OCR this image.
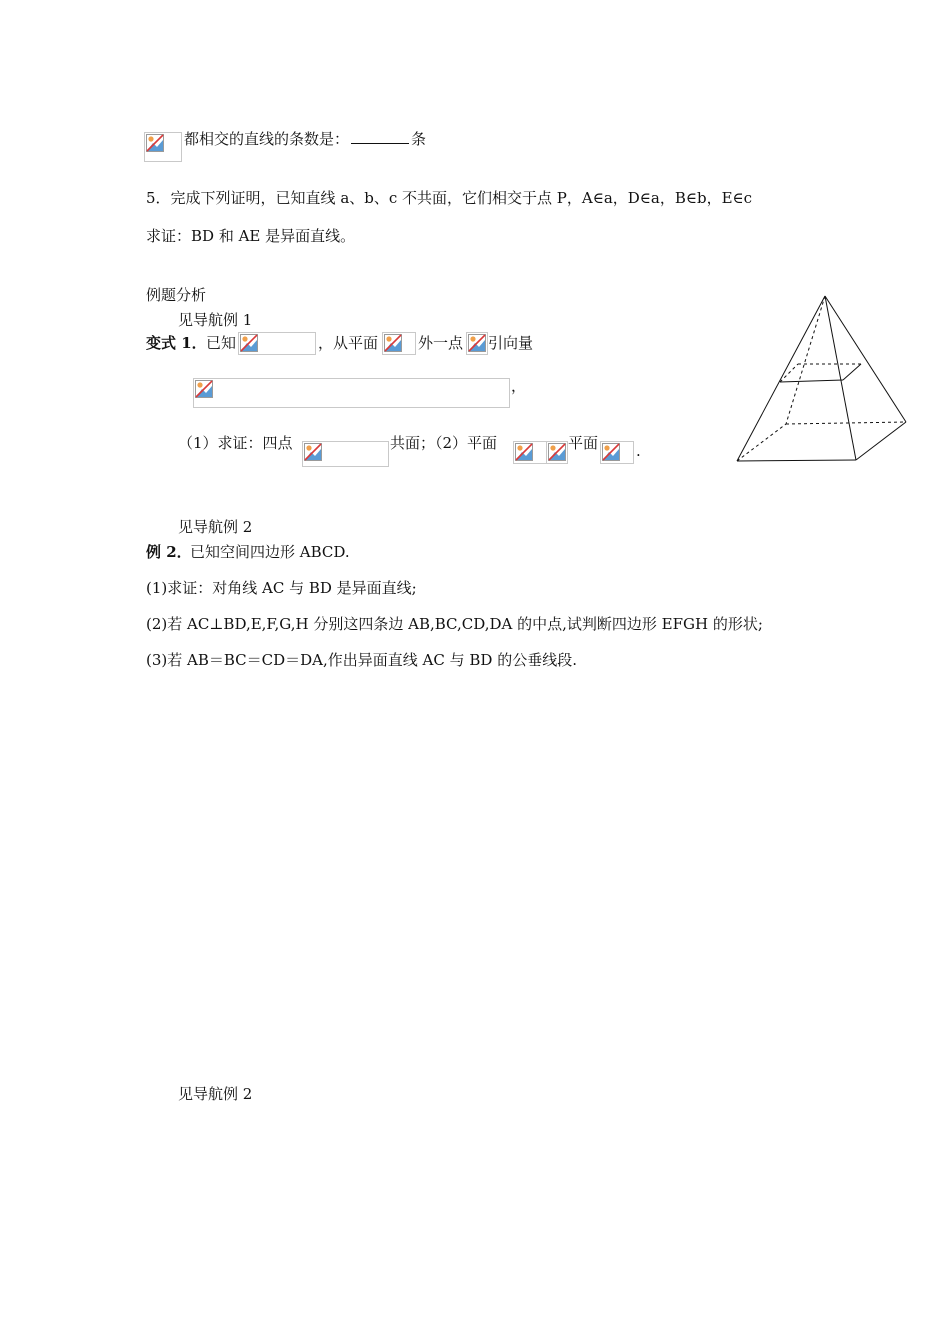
都相交的直线的条数是：	条
5．完成下列证明，已知直线 a、b、c 不共面，它们相交于点 P，A∈a，D∈a，B∈b，E∈c
求证：BD 和 AE 是异面直线。
例题分析
见导航例 1
变式 1． 已知	，从平面	外一点 引向量
，
（1）求证：四点	共面；（2）平面	平面	.
见导航例 2
例 2．
已知空间四边形 ABCD.
(1)求证：对角线 AC 与 BD 是异面直线;
(2)若 AC⊥BD,E,F,G,H 分别这四条边 AB,BC,CD,DA 的中点,试判断四边形 EFGH 的形状;
(3)若 AB＝BC＝CD＝DA,作出异面直线 AC 与 BD 的公垂线段.
见导航例 2
